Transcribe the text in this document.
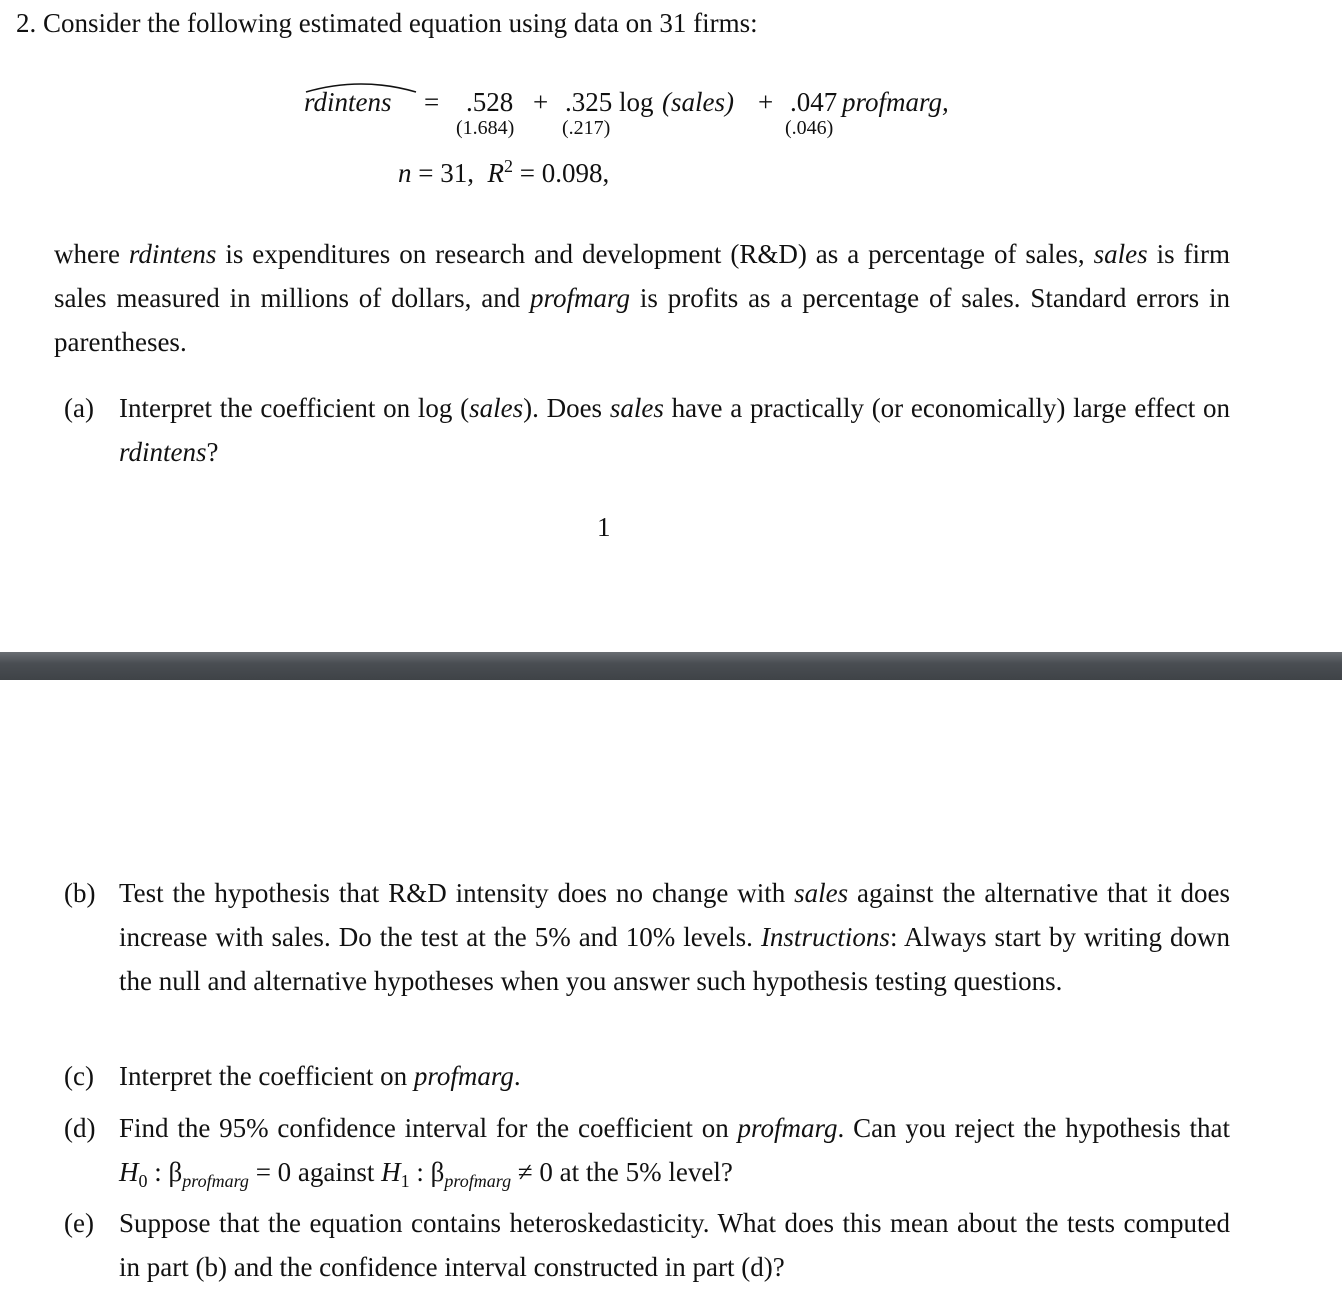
2. Consider the following estimated equation using data on 31 firms:
rdintens = .528 + .325 log (sales) + .047 profmarg,
(1.684) (.217)	(.046)
n = 31, $R^2 = 0.098$,
where rdintens is expenditures on research and development (R&D) as a percentage of sales, sales is firm sales measured in millions of dollars, and profmarg is profits as a percentage of sales. Standard errors in parentheses.
(a) Interpret the coefficient on log (sales). Does sales have a practically (or economically) large effect on rdintens?
1
(b) Test the hypothesis that R&D intensity does no change with sales against the alternative that it does increase with sales. Do the test at the 5% and 10% levels. Instructions: Always start by writing down the null and alternative hypotheses when you answer such hypothesis testing questions.
(c) Interpret the coefficient on profmarg.
(d) Find the 95% confidence interval for the coefficient on profmarg. Can you reject the hypothesis that $H_0$ : $\beta_{profmarg} = 0$ against $H_1$ : $\beta_{profmarg} \ne 0$ at the 5% level?
(e) Suppose that the equation contains heteroskedasticity. What does this mean about the tests computed in part (b) and the confidence interval constructed in part (d)?
